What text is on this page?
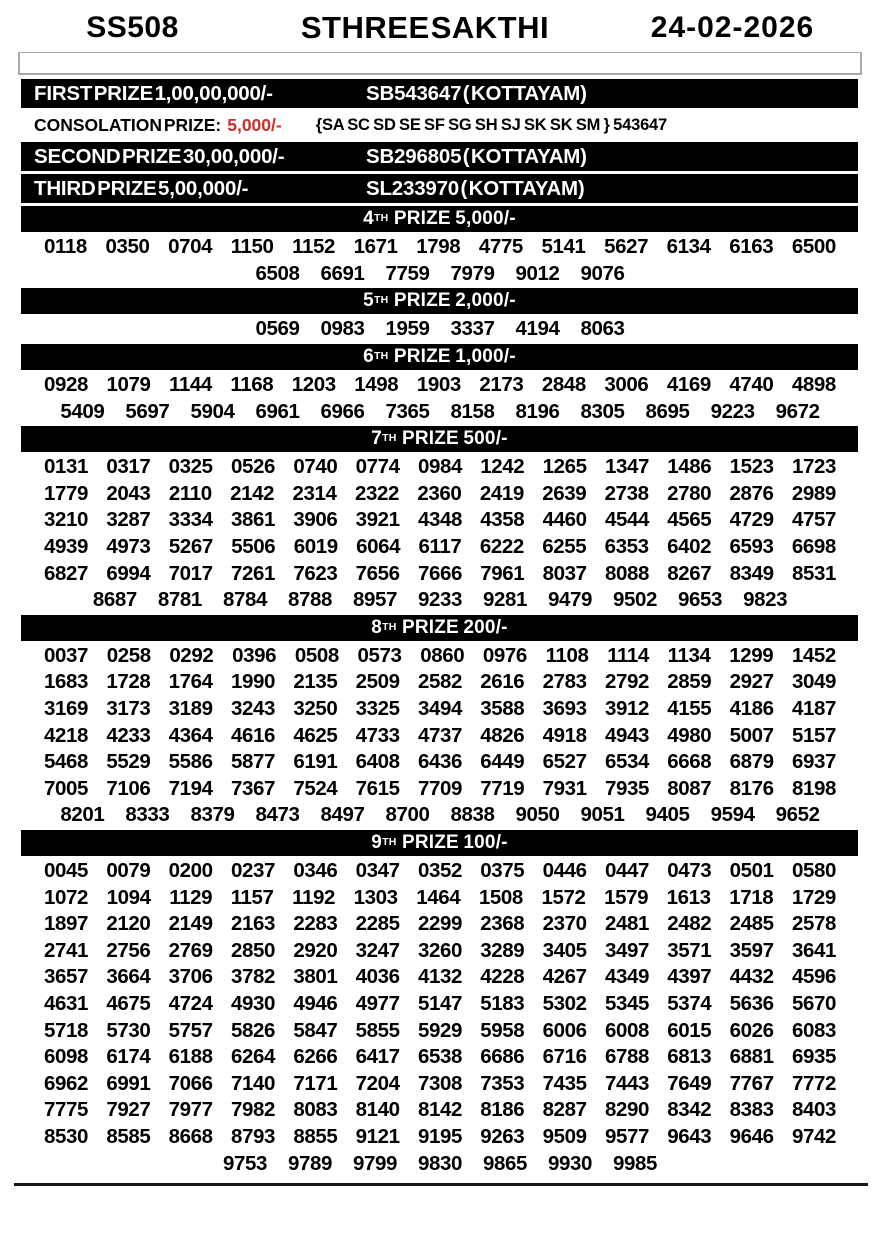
SS508	STHREE SAKTHI	24-02-2026
FIRST PRIZE 1,00,00,000/-	SB543647 ( KOTTAYAM)
CONSOLATION PRIZE: 5,000/- {SA SC SD SE SF SG SH SJ SK SK SM } 543647
SECOND PRIZE 30,00,000/-	SB296805 ( KOTTAYAM)
THIRD PRIZE 5,00,000/-	SL233970 ( KOTTAYAM)
4TH PRIZE 5,000/-
0118 0350 0704 1150 1152 1671 1798 4775 5141 5627 6134 6163 6500
6508 6691 7759 7979 9012 9076
5TH PRIZE 2,000/-
0569 0983 1959 3337 4194 8063
6TH PRIZE 1,000/-
0928 1079 1144 1168 1203 1498 1903 2173 2848 3006 4169 4740 4898
5409 5697 5904 6961 6966 7365 8158 8196 8305 8695 9223 9672
7TH PRIZE 500/-
0131 0317 0325 0526 0740 0774 0984 1242 1265 1347 1486 1523 1723
1779 2043 2110 2142 2314 2322 2360 2419 2639 2738 2780 2876 2989
3210 3287 3334 3861 3906 3921 4348 4358 4460 4544 4565 4729 4757
4939 4973 5267 5506 6019 6064 6117 6222 6255 6353 6402 6593 6698
6827 6994 7017 7261 7623 7656 7666 7961 8037 8088 8267 8349 8531
8687 8781 8784 8788 8957 9233 9281 9479 9502 9653 9823
8TH PRIZE 200/-
0037 0258 0292 0396 0508 0573 0860 0976 1108 1114 1134 1299 1452
1683 1728 1764 1990 2135 2509 2582 2616 2783 2792 2859 2927 3049
3169 3173 3189 3243 3250 3325 3494 3588 3693 3912 4155 4186 4187
4218 4233 4364 4616 4625 4733 4737 4826 4918 4943 4980 5007 5157
5468 5529 5586 5877 6191 6408 6436 6449 6527 6534 6668 6879 6937
7005 7106 7194 7367 7524 7615 7709 7719 7931 7935 8087 8176 8198
8201 8333 8379 8473 8497 8700 8838 9050 9051 9405 9594 9652
9TH PRIZE 100/-
0045 0079 0200 0237 0346 0347 0352 0375 0446 0447 0473 0501 0580
1072 1094 1129 1157 1192 1303 1464 1508 1572 1579 1613 1718 1729
1897 2120 2149 2163 2283 2285 2299 2368 2370 2481 2482 2485 2578
2741 2756 2769 2850 2920 3247 3260 3289 3405 3497 3571 3597 3641
3657 3664 3706 3782 3801 4036 4132 4228 4267 4349 4397 4432 4596
4631 4675 4724 4930 4946 4977 5147 5183 5302 5345 5374 5636 5670
5718 5730 5757 5826 5847 5855 5929 5958 6006 6008 6015 6026 6083
6098 6174 6188 6264 6266 6417 6538 6686 6716 6788 6813 6881 6935
6962 6991 7066 7140 7171 7204 7308 7353 7435 7443 7649 7767 7772
7775 7927 7977 7982 8083 8140 8142 8186 8287 8290 8342 8383 8403
8530 8585 8668 8793 8855 9121 9195 9263 9509 9577 9643 9646 9742
9753 9789 9799 9830 9865 9930 9985
